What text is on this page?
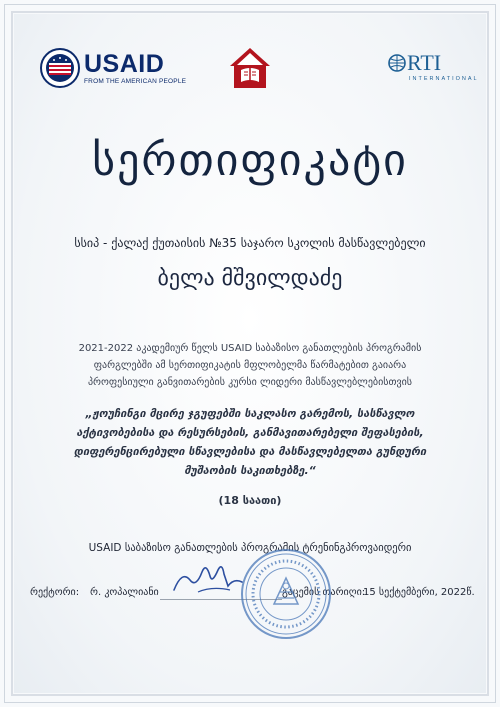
USAID
FROM THE AMERICAN PEOPLE
RTI
INTERNATIONAL
სერთიფიკატი
სსიპ - ქალაქ ქუთაისის №35 საჯარო სკოლის მასწავლებელი
ბელა მშვილდაძე
2021-2022 აკადემიურ წელს USAID საბაზისო განათლების პროგრამის
ფარგლებში ამ სერთიფიკატის მფლობელმა წარმატებით გაიარა
პროფესიული განვითარების კურსი ლიდერი მასწავლებლებისთვის
„ჟოუჩინგი მცირე ჯგუფებში საკლასო გარემოს, სასწავლო
აქტივობებისა და რესურსების, განმავითარებელი შეფასების,
დიფერენცირებული სწავლებისა და მასწავლებელთა გუნდური
მუშაობის საკითხებზე.“
(18 საათი)
USAID საბაზისო განათლების პროგრამის ტრენინგპროვაიდერი
რექტორი: რ. კოპალიანი	გაცემის თარიღი:
15 სექტემბერი, 2022წ.
